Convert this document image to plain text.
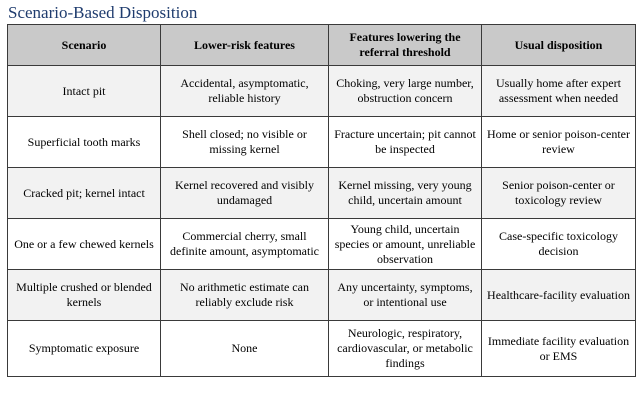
Scenario-Based Disposition
Scenario	Lower-risk features	Features lowering the referral threshold	Usual disposition
Intact pit	Accidental, asymptomatic, reliable history	Choking, very large number, obstruction concern	Usually home after expert assessment when needed
Superficial tooth marks	Shell closed; no visible or missing kernel	Fracture uncertain; pit cannot be inspected	Home or senior poison-center review
Cracked pit; kernel intact	Kernel recovered and visibly undamaged	Kernel missing, very young child, uncertain amount	Senior poison-center or toxicology review
One or a few chewed kernels	Commercial cherry, small definite amount, asymptomatic	Young child, uncertain species or amount, unreliable observation	Case-specific toxicology decision
Multiple crushed or blended kernels	No arithmetic estimate can reliably exclude risk	Any uncertainty, symptoms, or intentional use	Healthcare-facility evaluation
Symptomatic exposure	None	Neurologic, respiratory, cardiovascular, or metabolic findings	Immediate facility evaluation or EMS
